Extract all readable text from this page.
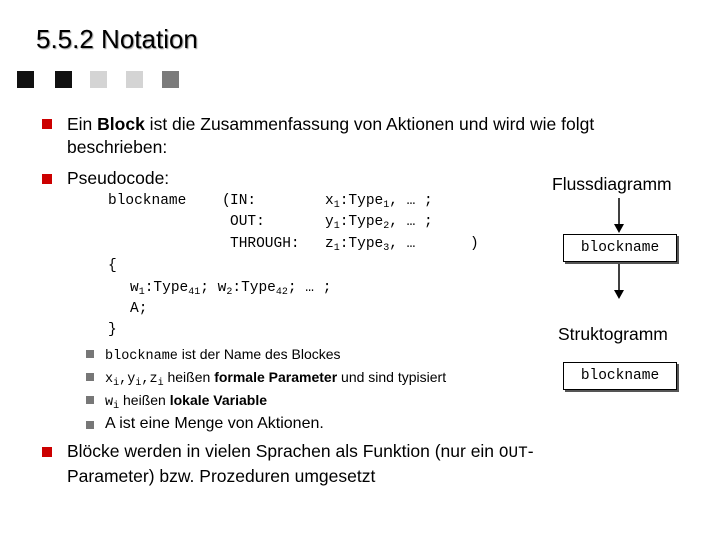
5.5.2 Notation
Ein Block ist die Zusammenfassung von Aktionen und wird wie folgt
beschrieben:
Pseudocode:
blockname ( IN:
OUT:
THROUGH:
$x_1:Type_1$, … ;
$y_1:Type_2$, … ;
$z_1:Type_3$, …	)
{
$w_1:Type_{41}$; $w_2:Type_{42}$; … ;
A;
}
Flussdiagramm
blockname
Struktogramm
blockname
blockname ist der Name des Blockes
$x_i,y_i,z_i$ heißen formale Parameter und sind typisiert
$w_i$ heißen lokale Variable
A ist eine Menge von Aktionen.
Blöcke werden in vielen Sprachen als Funktion (nur ein OUT-
Parameter) bzw. Prozeduren umgesetzt
